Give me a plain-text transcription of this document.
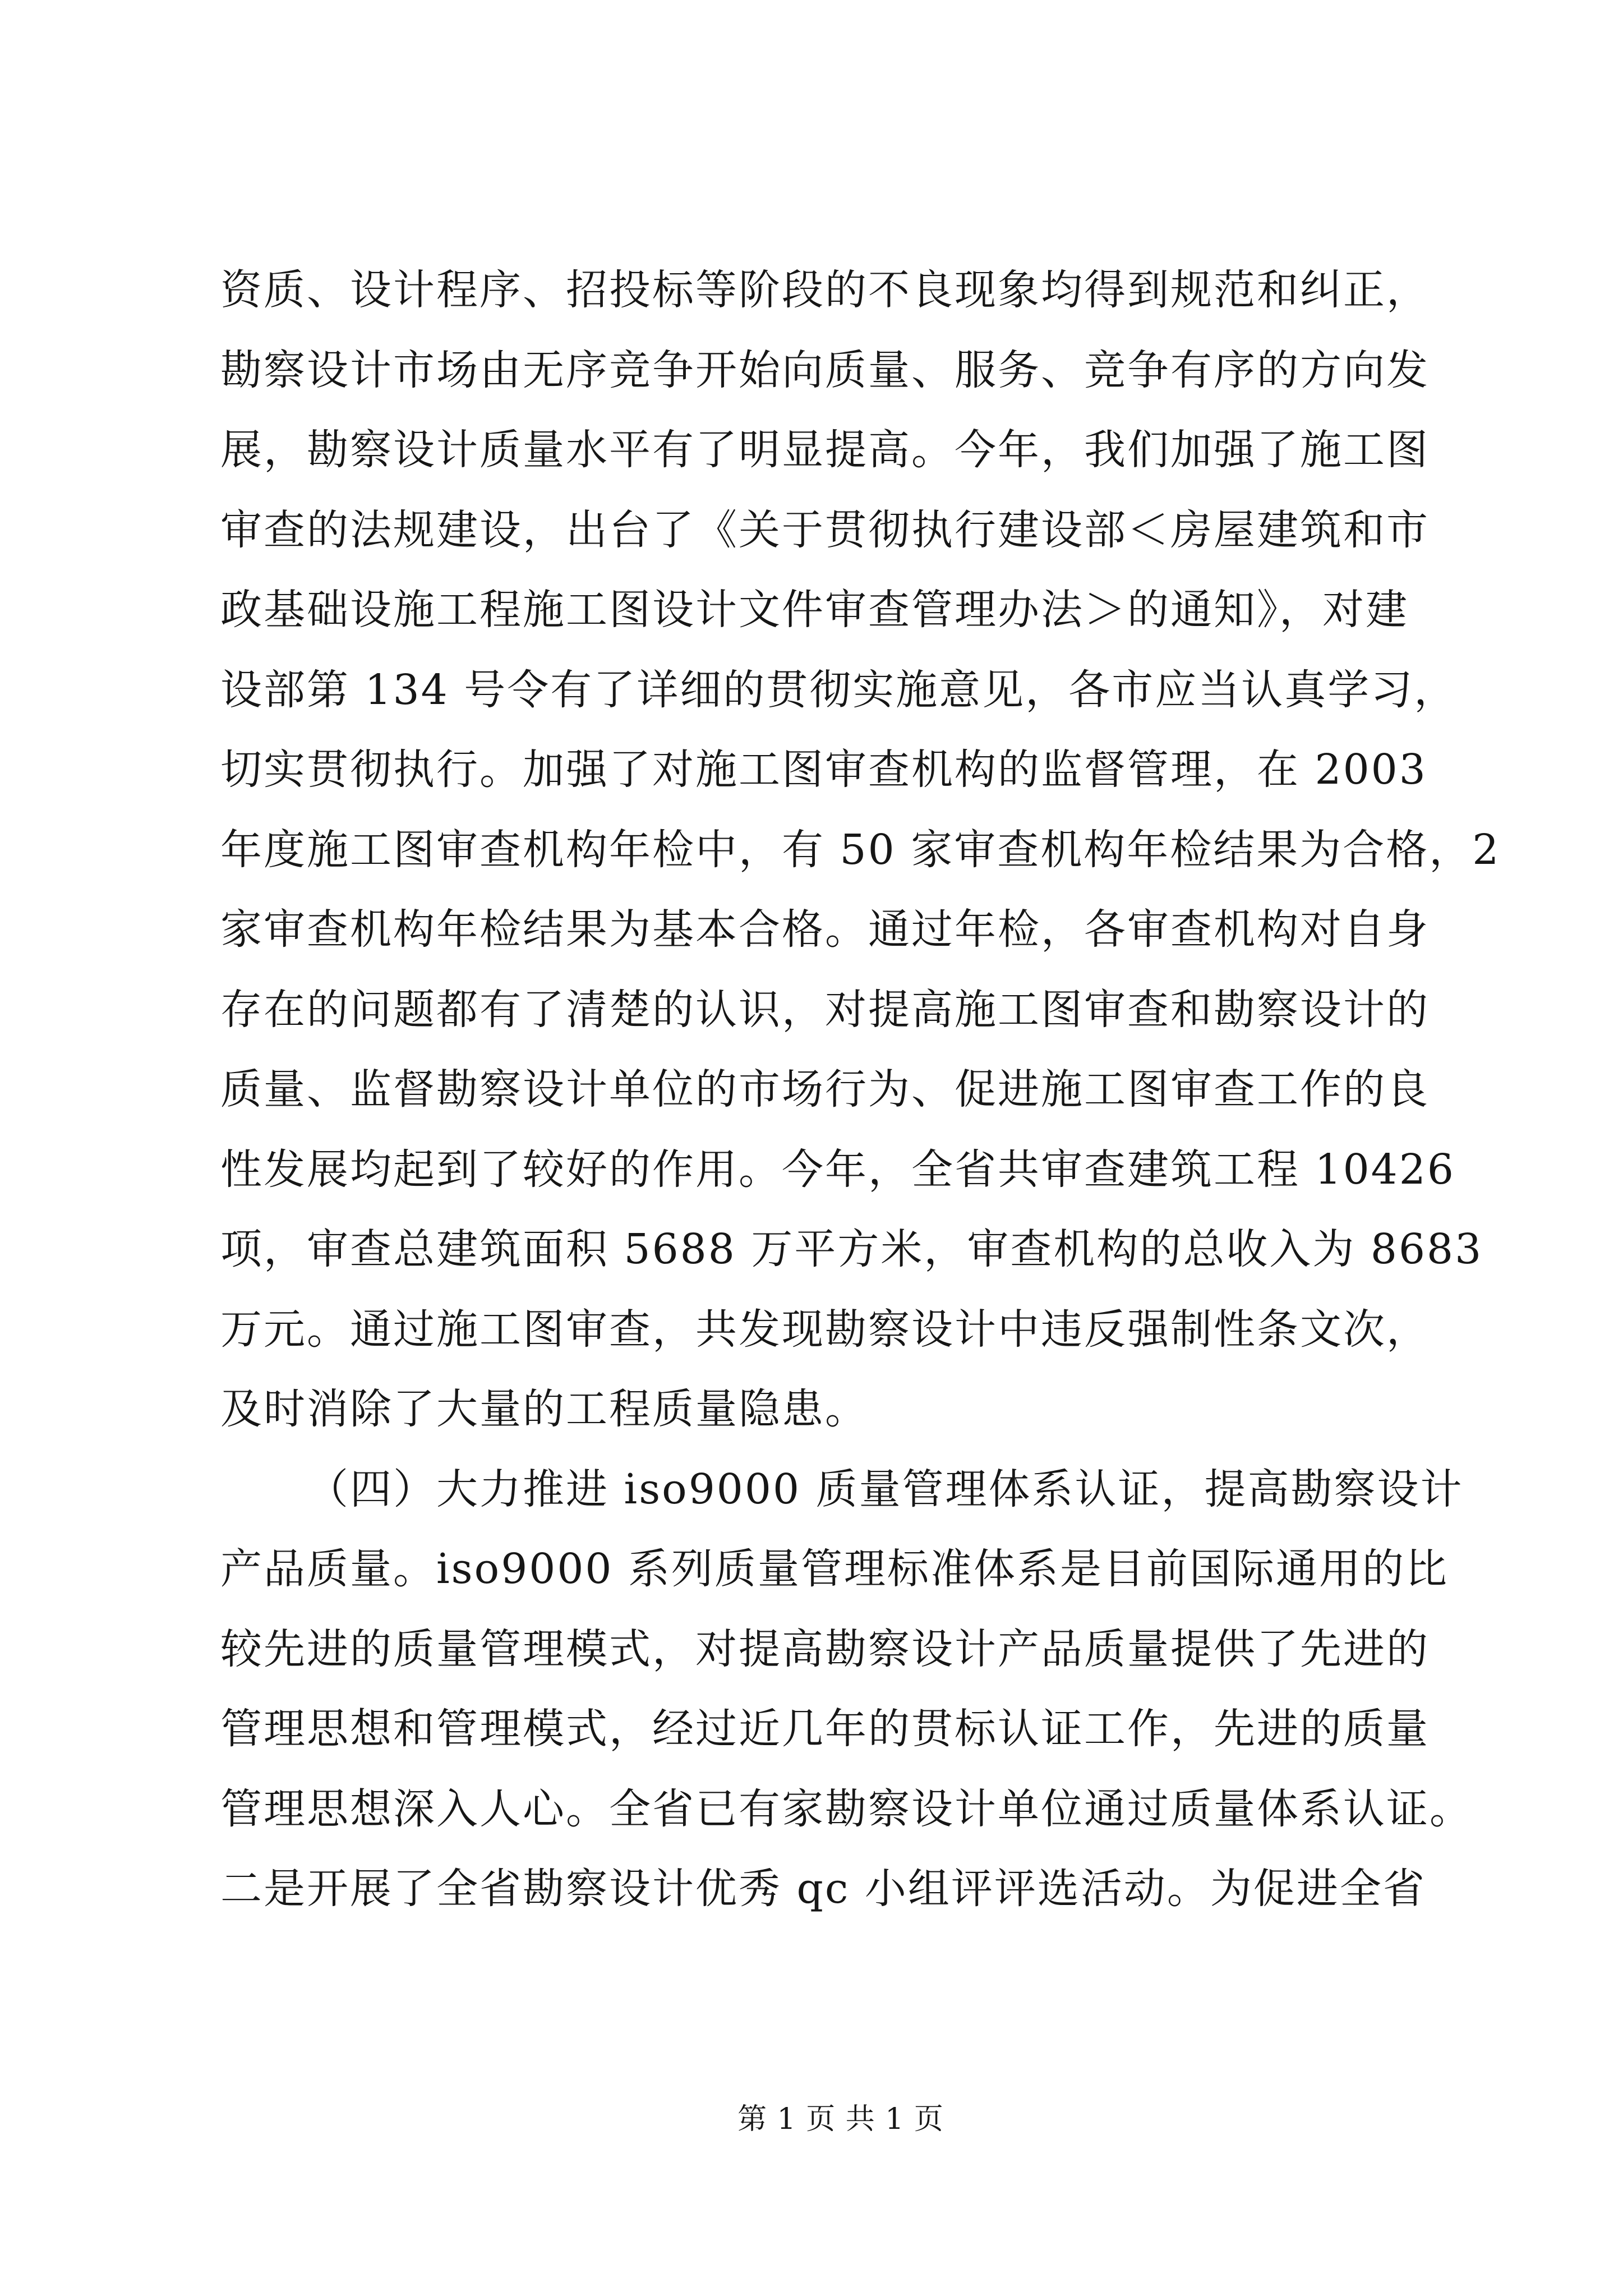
资质、设计程序、招投标等阶段的不良现象均得到规范和纠正，
勘察设计市场由无序竞争开始向质量、服务、竞争有序的方向发
展，勘察设计质量水平有了明显提高。今年，我们加强了施工图
审查的法规建设，出台了《关于贯彻执行建设部＜房屋建筑和市
政基础设施工程施工图设计文件审查管理办法＞的通知》，对建
设部第 134 号令有了详细的贯彻实施意见，各市应当认真学习，
切实贯彻执行。加强了对施工图审查机构的监督管理，在 2003
年度施工图审查机构年检中，有 50 家审查机构年检结果为合格，2
家审查机构年检结果为基本合格。通过年检，各审查机构对自身
存在的问题都有了清楚的认识，对提高施工图审查和勘察设计的
质量、监督勘察设计单位的市场行为、促进施工图审查工作的良
性发展均起到了较好的作用。今年，全省共审查建筑工程 10426
项，审查总建筑面积 5688 万平方米，审查机构的总收入为 8683
万元。通过施工图审查，共发现勘察设计中违反强制性条文次，
及时消除了大量的工程质量隐患。
（四）大力推进 iso9000 质量管理体系认证，提高勘察设计
产品质量。iso9000 系列质量管理标准体系是目前国际通用的比
较先进的质量管理模式，对提高勘察设计产品质量提供了先进的
管理思想和管理模式，经过近几年的贯标认证工作，先进的质量
管理思想深入人心。全省已有家勘察设计单位通过质量体系认证。
二是开展了全省勘察设计优秀 qc 小组评评选活动。为促进全省
第 1 页 共 1 页
